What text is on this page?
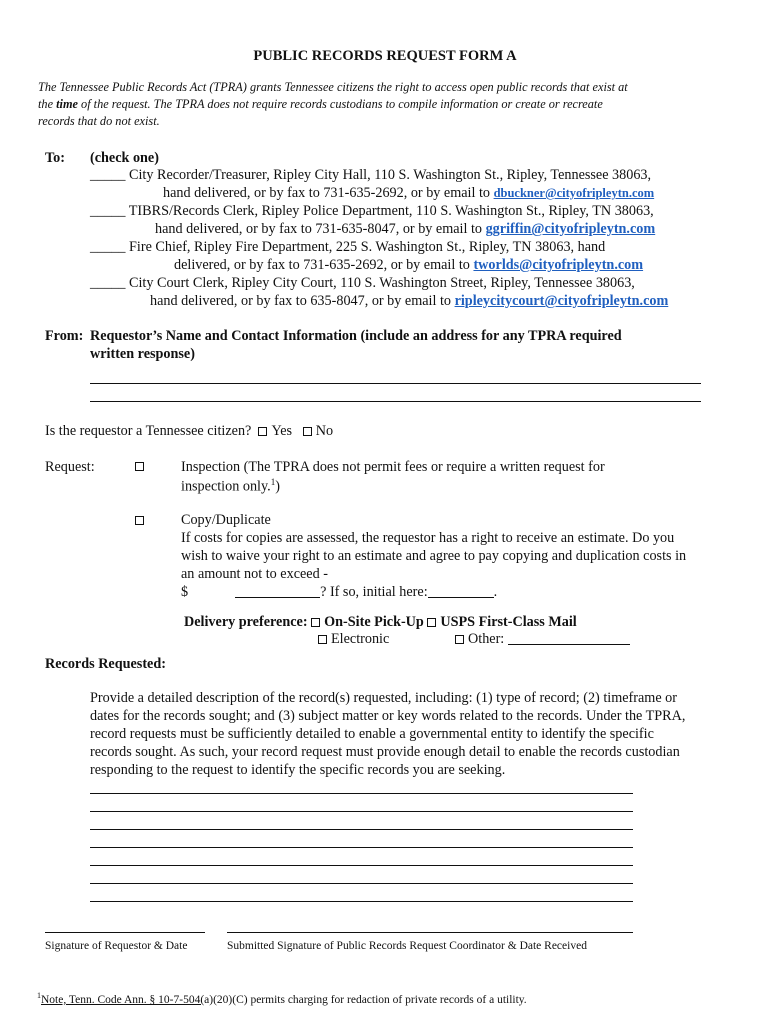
PUBLIC RECORDS REQUEST FORM A
The Tennessee Public Records Act (TPRA) grants Tennessee citizens the right to access open public records that exist at
the time of the request. The TPRA does not require records custodians to compile information or create or recreate
records that do not exist.
To: (check one)
_____ City Recorder/Treasurer, Ripley City Hall, 110 S. Washington St., Ripley, Tennessee 38063,
hand delivered, or by fax to 731-635-2692, or by email to dbuckner@cityofripleytn.com
_____ TIBRS/Records Clerk, Ripley Police Department, 110 S. Washington St., Ripley, TN 38063,
hand delivered, or by fax to 731-635-8047, or by email to ggriffin@cityofripleytn.com
_____ Fire Chief, Ripley Fire Department, 225 S. Washington St., Ripley, TN 38063, hand
delivered, or by fax to 731-635-2692, or by email to tworlds@cityofripleytn.com
_____ City Court Clerk, Ripley City Court, 110 S. Washington Street, Ripley, Tennessee 38063,
hand delivered, or by fax to 635-8047, or by email to ripleycitycourt@cityofripleytn.com
From: Requestor’s Name and Contact Information (include an address for any TPRA required
written response)
Is the requestor a Tennessee citizen? Yes No
Request:	Inspection (The TPRA does not permit fees or require a written request for
inspection only.$^1$)
Copy/Duplicate
If costs for copies are assessed, the requestor has a right to receive an estimate. Do you
wish to waive your right to an estimate and agree to pay copying and duplication costs in
an amount not to exceed -
$	? If so, initial here:	.
Delivery preference: On-Site Pick-Up USPS First-Class Mail
Electronic	Other:
Records Requested:
Provide a detailed description of the record(s) requested, including: (1) type of record; (2) timeframe or
dates for the records sought; and (3) subject matter or key words related to the records. Under the TPRA,
record requests must be sufficiently detailed to enable a governmental entity to identify the specific
records sought. As such, your record request must provide enough detail to enable the records custodian
responding to the request to identify the specific records you are seeking.
Signature of Requestor & Date	Submitted Signature of Public Records Request Coordinator & Date Received
$^1$Note, Tenn. Code Ann. § 10-7-504(a)(20)(C) permits charging for redaction of private records of a utility.
